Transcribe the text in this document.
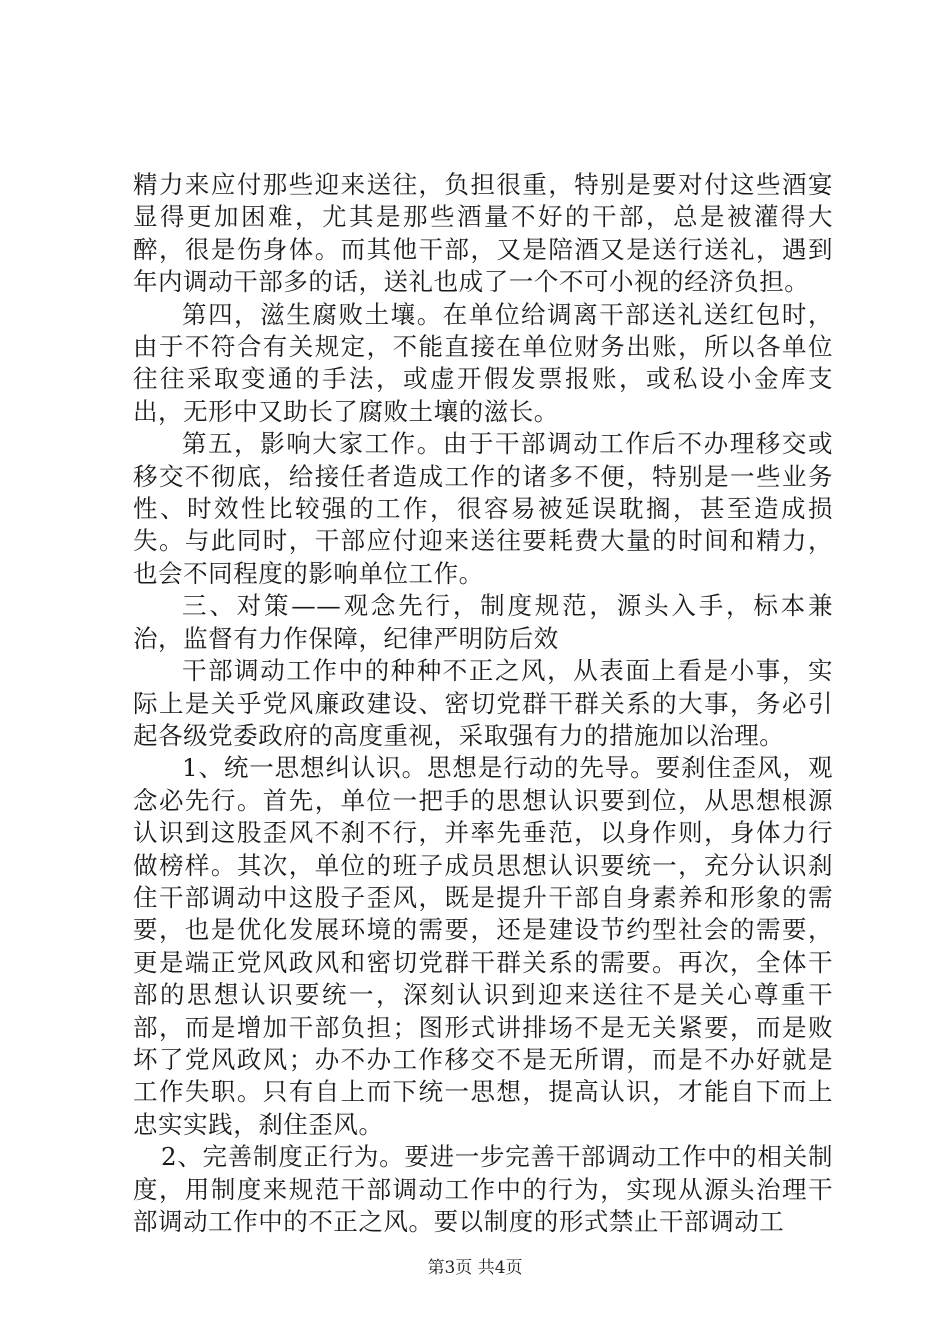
精力来应付那些迎来送往，负担很重，特别是要对付这些酒宴显得更加困难，尤其是那些酒量不好的干部，总是被灌得大醉，很是伤身体。而其他干部，又是陪酒又是送行送礼，遇到年内调动干部多的话，送礼也成了一个不可小视的经济负担。

第四，滋生腐败土壤。在单位给调离干部送礼送红包时，由于不符合有关规定，不能直接在单位财务出账，所以各单位往往采取变通的手法，或虚开假发票报账，或私设小金库支出，无形中又助长了腐败土壤的滋长。

第五，影响大家工作。由于干部调动工作后不办理移交或移交不彻底，给接任者造成工作的诸多不便，特别是一些业务性、时效性比较强的工作，很容易被延误耽搁，甚至造成损失。与此同时，干部应付迎来送往要耗费大量的时间和精力，也会不同程度的影响单位工作。

三、对策——观念先行，制度规范，源头入手，标本兼治，监督有力作保障，纪律严明防后效

干部调动工作中的种种不正之风，从表面上看是小事，实际上是关乎党风廉政建设、密切党群干群关系的大事，务必引起各级党委政府的高度重视，采取强有力的措施加以治理。

1、统一思想纠认识。思想是行动的先导。要刹住歪风，观念必先行。首先，单位一把手的思想认识要到位，从思想根源认识到这股歪风不刹不行，并率先垂范，以身作则，身体力行做榜样。其次，单位的班子成员思想认识要统一，充分认识刹住干部调动中这股子歪风，既是提升干部自身素养和形象的需要，也是优化发展环境的需要，还是建设节约型社会的需要，更是端正党风政风和密切党群干群关系的需要。再次，全体干部的思想认识要统一，深刻认识到迎来送往不是关心尊重干部，而是增加干部负担；图形式讲排场不是无关紧要，而是败坏了党风政风；办不办工作移交不是无所谓，而是不办好就是工作失职。只有自上而下统一思想，提高认识，才能自下而上忠实实践，刹住歪风。

2、完善制度正行为。要进一步完善干部调动工作中的相关制度，用制度来规范干部调动工作中的行为，实现从源头治理干部调动工作中的不正之风。要以制度的形式禁止干部调动工

第3页 共4页
